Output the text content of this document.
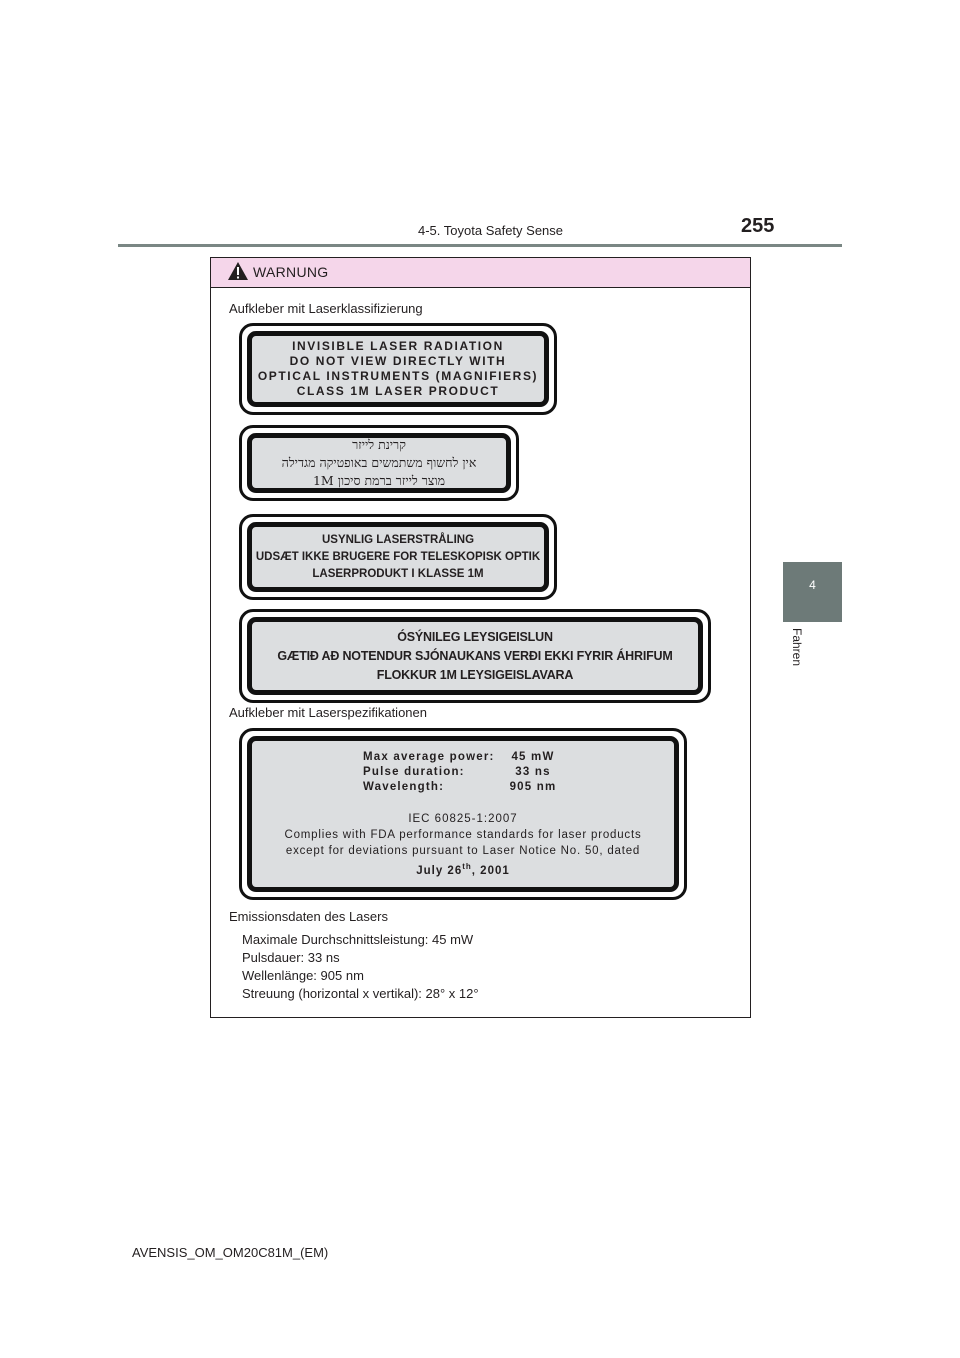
4-5. Toyota Safety Sense	255
4
Fahren
WARNUNG
Aufkleber mit Laserklassifizierung
INVISIBLE LASER RADIATION
DO NOT VIEW DIRECTLY WITH
OPTICAL INSTRUMENTS (MAGNIFIERS)
CLASS 1M LASER PRODUCT
קרינת לייזר
אין לחשוף משתמשים באופטיקה מגדילה
מוצר לייזר ברמת סיכון 1M
USYNLIG LASERSTRÅLING
UDSÆT IKKE BRUGERE FOR TELESKOPISK OPTIK
LASERPRODUKT I KLASSE 1M
ÓSÝNILEG LEYSIGEISLUN
GÆTIÐ AÐ NOTENDUR SJÓNAUKANS VERÐI EKKI FYRIR ÁHRIFUM
FLOKKUR 1M LEYSIGEISLAVARA
Aufkleber mit Laserspezifikationen
Max average power:	45 mW
Pulse duration:	33 ns
Wavelength:	905 nm
IEC 60825-1:2007
Complies with FDA performance standards for laser products
except for deviations pursuant to Laser Notice No. 50, dated
July 26th, 2001
Emissionsdaten des Lasers
Maximale Durchschnittsleistung: 45 mW
Pulsdauer: 33 ns
Wellenlänge: 905 nm
Streuung (horizontal x vertikal): 28° x 12°
AVENSIS_OM_OM20C81M_(EM)
